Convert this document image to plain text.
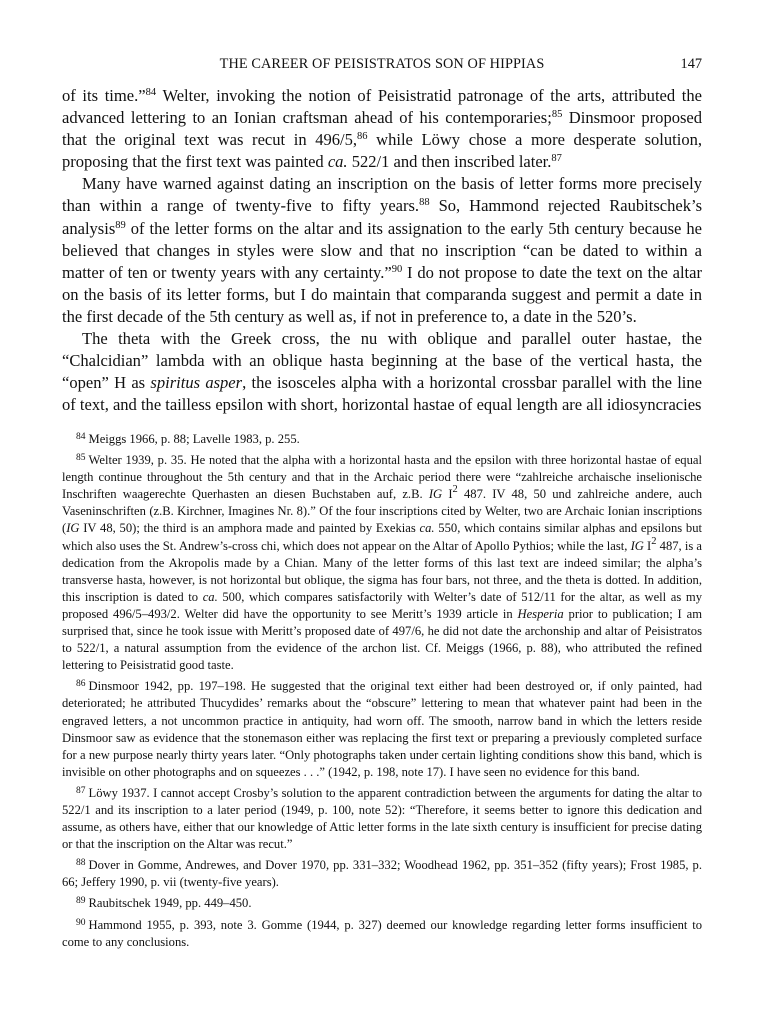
THE CAREER OF PEISISTRATOS SON OF HIPPIAS	147

of its time.”$^{84}$ Welter, invoking the notion of Peisistratid patronage of the arts, attributed the advanced lettering to an Ionian craftsman ahead of his contemporaries;$^{85}$ Dinsmoor proposed that the original text was recut in 496/5,86 while Löwy chose a more desperate solution, proposing that the first text was painted ca. 522/1 and then inscribed later.$^{87}$

Many have warned against dating an inscription on the basis of letter forms more precisely than within a range of twenty-five to fifty years.$^{88}$ So, Hammond rejected Raubitschek’s analysis$^{89}$ of the letter forms on the altar and its assignation to the early 5th century because he believed that changes in styles were slow and that no inscription “can be dated to within a matter of ten or twenty years with any certainty.”$^{90}$ I do not propose to date the text on the altar on the basis of its letter forms, but I do maintain that comparanda suggest and permit a date in the first decade of the 5th century as well as, if not in preference to, a date in the 520’s.

The theta with the Greek cross, the nu with oblique and parallel outer hastae, the “Chalcidian” lambda with an oblique hasta beginning at the base of the vertical hasta, the “open” H as spiritus asper, the isosceles alpha with a horizontal crossbar parallel with the line of text, and the tailless epsilon with short, horizontal hastae of equal length are all idiosyncracies

$^{84}$ Meiggs 1966, p. 88; Lavelle 1983, p. 255.

$^{85}$ Welter 1939, p. 35. He noted that the alpha with a horizontal hasta and the epsilon with three horizontal hastae of equal length continue throughout the 5th century and that in the Archaic period there were “zahlreiche archaische inselionische Inschriften waagerechte Querhasten an diesen Buchstaben auf, z.B. IG $I^2$ 487. IV 48, 50 und zahlreiche andere, auch Vaseninschriften (z.B. Kirchner, Imagines Nr. 8).” Of the four inscriptions cited by Welter, two are Archaic Ionian inscriptions (IG IV 48, 50); the third is an amphora made and painted by Exekias ca. 550, which contains similar alphas and epsilons but which also uses the St. Andrew’s-cross chi, which does not appear on the Altar of Apollo Pythios; while the last, IG $I^2$ 487, is a dedication from the Akropolis made by a Chian. Many of the letter forms of this last text are indeed similar; the alpha’s transverse hasta, however, is not horizontal but oblique, the sigma has four bars, not three, and the theta is dotted. In addition, this inscription is dated to ca. 500, which compares satisfactorily with Welter’s date of 512/11 for the altar, as well as my proposed 496/5–493/2. Welter did have the opportunity to see Meritt’s 1939 article in Hesperia prior to publication; I am surprised that, since he took issue with Meritt’s proposed date of 497/6, he did not date the archonship and altar of Peisistratos to 522/1, a natural assumption from the evidence of the archon list. Cf. Meiggs (1966, p. 88), who attributed the refined lettering to Peisistratid good taste.

$^{86}$ Dinsmoor 1942, pp. 197–198. He suggested that the original text either had been destroyed or, if only painted, had deteriorated; he attributed Thucydides’ remarks about the “obscure” lettering to mean that whatever paint had been in the engraved letters, a not uncommon practice in antiquity, had worn off. The smooth, narrow band in which the letters reside Dinsmoor saw as evidence that the stonemason either was replacing the first text or preparing a previously completed surface for a new purpose nearly thirty years later. “Only photographs taken under certain lighting conditions show this band, which is invisible on other photographs and on squeezes . . .” (1942, p. 198, note 17). I have seen no evidence for this band.

$^{87}$ Löwy 1937. I cannot accept Crosby’s solution to the apparent contradiction between the arguments for dating the altar to 522/1 and its inscription to a later period (1949, p. 100, note 52): “Therefore, it seems better to ignore this dedication and assume, as others have, either that our knowledge of Attic letter forms in the late sixth century is insufficient for precise dating or that the inscription on the Altar was recut.”

$^{88}$ Dover in Gomme, Andrewes, and Dover 1970, pp. 331–332; Woodhead 1962, pp. 351–352 (fifty years); Frost 1985, p. 66; Jeffery 1990, p. vii (twenty-five years).

$^{89}$ Raubitschek 1949, pp. 449–450.

$^{90}$ Hammond 1955, p. 393, note 3. Gomme (1944, p. 327) deemed our knowledge regarding letter forms insufficient to come to any conclusions.
